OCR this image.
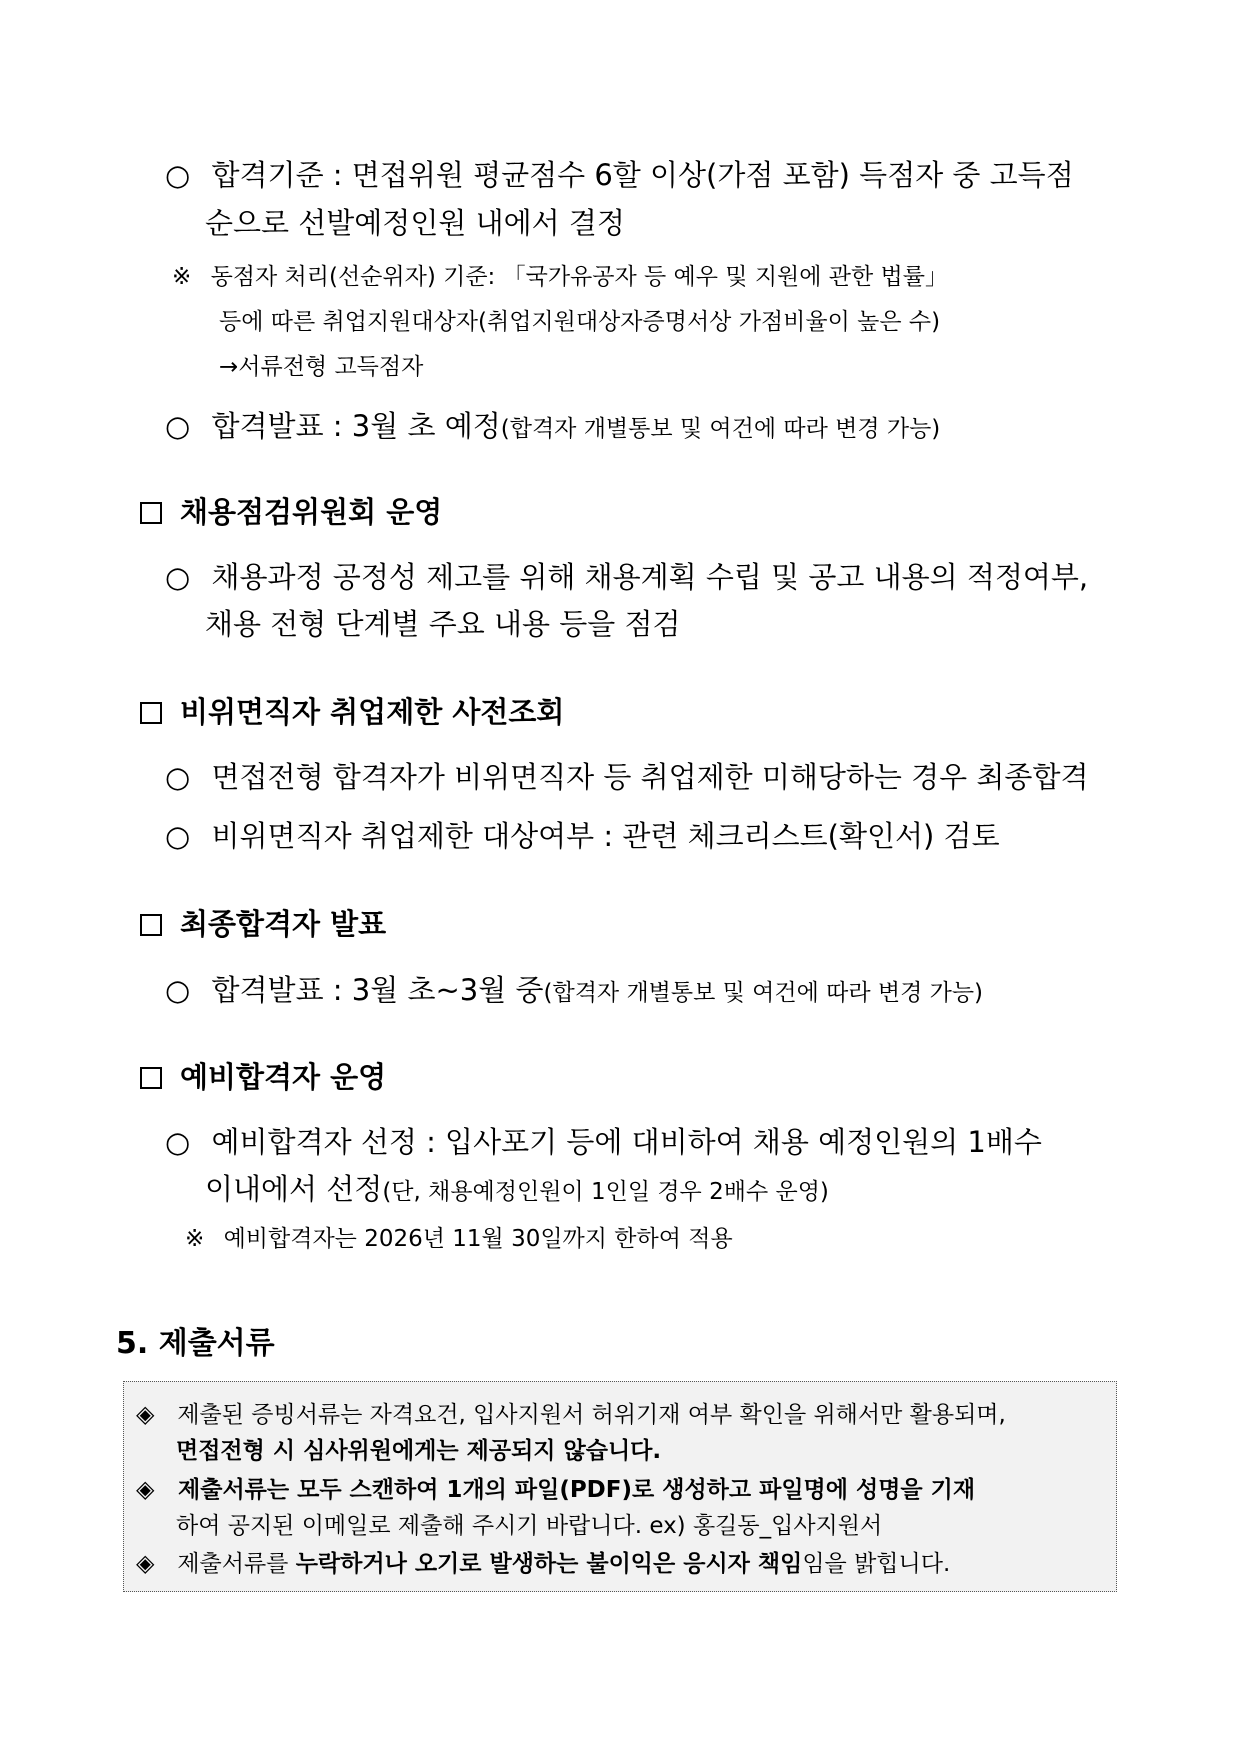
○ 합격기준 : 면접위원 평균점수 6할 이상(가점 포함) 득점자 중 고득점
순으로 선발예정인원 내에서 결정
※ 동점자 처리(선순위자) 기준: 「국가유공자 등 예우 및 지원에 관한 법률」
등에 따른 취업지원대상자(취업지원대상자증명서상 가점비율이 높은 수)
→서류전형 고득점자
○ 합격발표 : 3월 초 예정(합격자 개별통보 및 여건에 따라 변경 가능)
채용점검위원회 운영
○ 채용과정 공정성 제고를 위해 채용계획 수립 및 공고 내용의 적정여부,
채용 전형 단계별 주요 내용 등을 점검
비위면직자 취업제한 사전조회
○ 면접전형 합격자가 비위면직자 등 취업제한 미해당하는 경우 최종합격
○ 비위면직자 취업제한 대상여부 : 관련 체크리스트(확인서) 검토
최종합격자 발표
○ 합격발표 : 3월 초~3월 중(합격자 개별통보 및 여건에 따라 변경 가능)
예비합격자 운영
○ 예비합격자 선정 : 입사포기 등에 대비하여 채용 예정인원의 1배수
이내에서 선정(단, 채용예정인원이 1인일 경우 2배수 운영)
※ 예비합격자는 2026년 11월 30일까지 한하여 적용
5. 제출서류
◈ 제출된 증빙서류는 자격요건, 입사지원서 허위기재 여부 확인을 위해서만 활용되며,
면접전형 시 심사위원에게는 제공되지 않습니다.
◈ 제출서류는 모두 스캔하여 1개의 파일(PDF)로 생성하고 파일명에 성명을 기재
하여 공지된 이메일로 제출해 주시기 바랍니다. ex) 홍길동_입사지원서
◈ 제출서류를 누락하거나 오기로 발생하는 불이익은 응시자 책임임을 밝힙니다.
